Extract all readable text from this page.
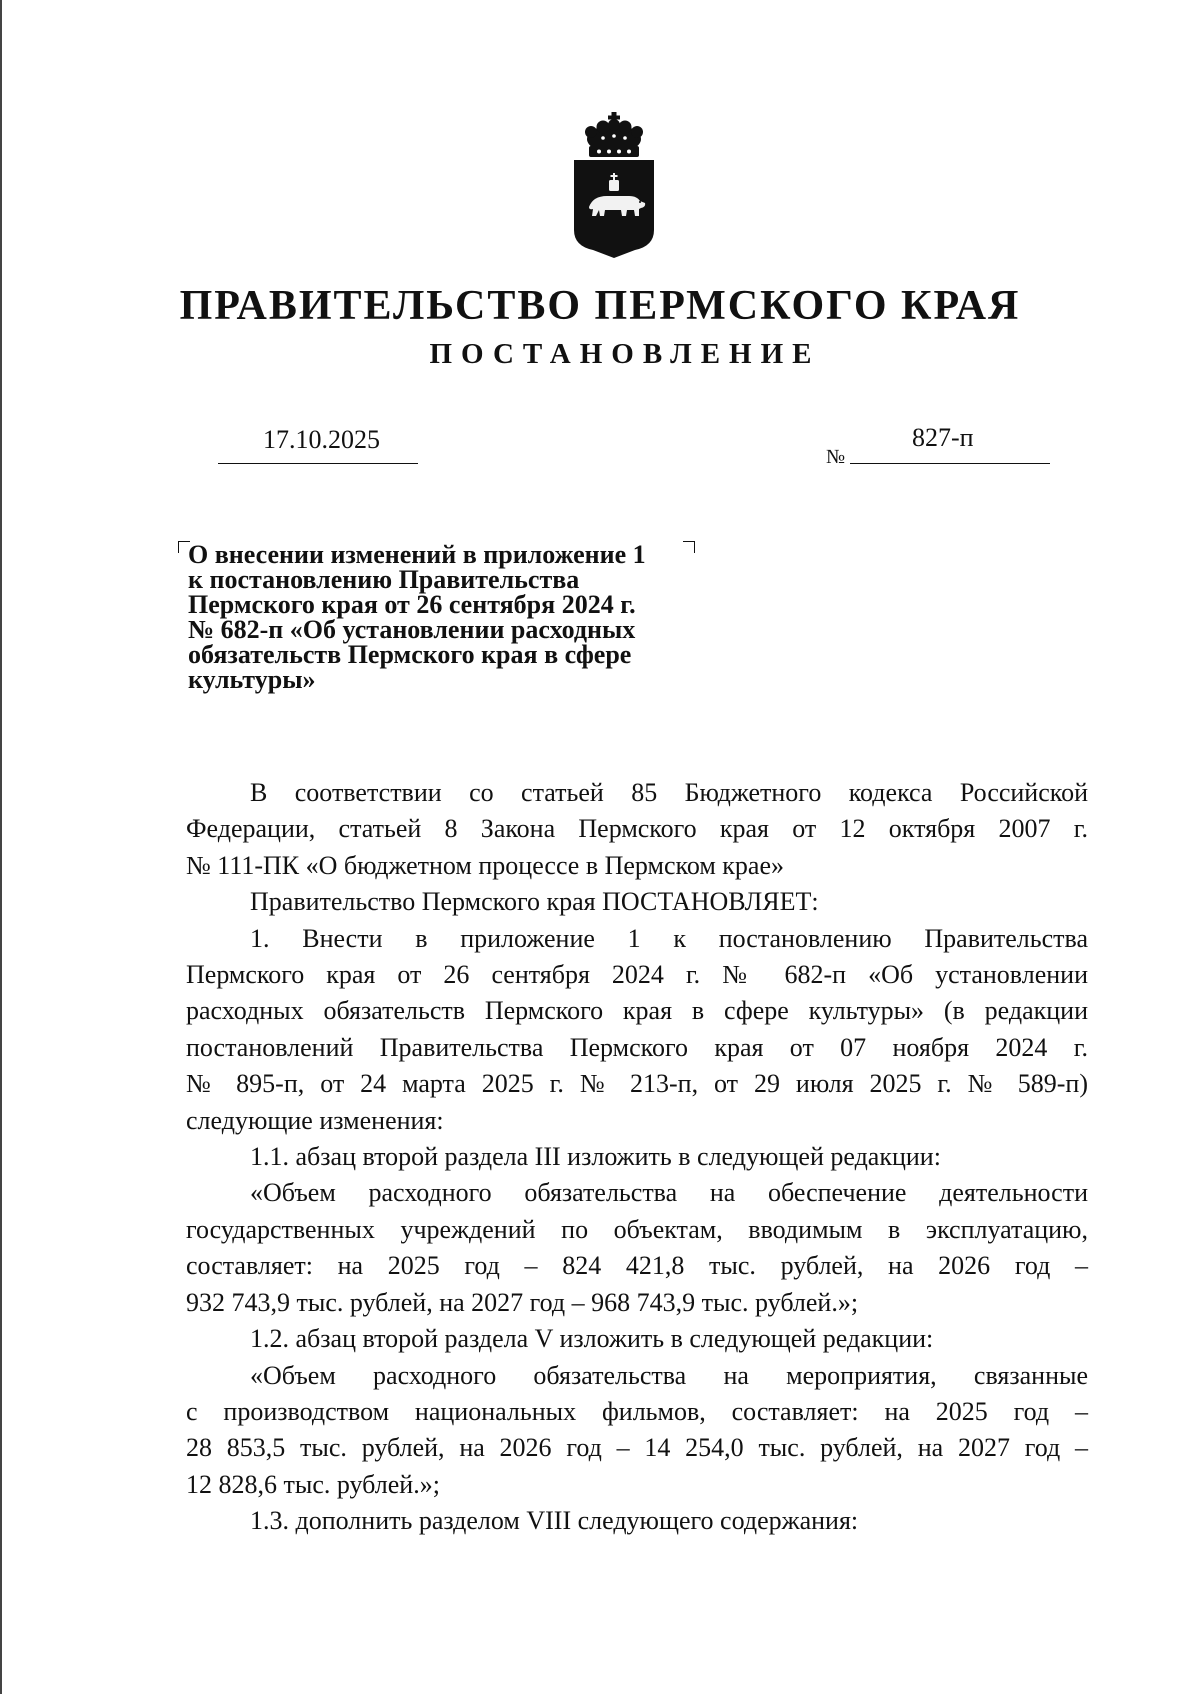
ПРАВИТЕЛЬСТВО ПЕРМСКОГО КРАЯ
ПОСТАНОВЛЕНИЕ
17.10.2025
№
827-п
О внесении изменений в приложение 1
к постановлению Правительства
Пермского края от 26 сентября 2024 г.
№ 682-п «Об установлении расходных
обязательств Пермского края в сфере
культуры»

В соответствии со статьей 85 Бюджетного кодекса Российской
Федерации, статьей 8 Закона Пермского края от 12 октября 2007 г.
№ 111-ПК «О бюджетном процессе в Пермском крае»

Правительство Пермского края ПОСТАНОВЛЯЕТ:

1. Внести в приложение 1 к постановлению Правительства
Пермского края от 26 сентября 2024 г. № 682-п «Об установлении
расходных обязательств Пермского края в сфере культуры» (в редакции
постановлений Правительства Пермского края от 07 ноября 2024 г.
№ 895-п, от 24 марта 2025 г. № 213-п, от 29 июля 2025 г. № 589-п)
следующие изменения:

1.1. абзац второй раздела III изложить в следующей редакции:

«Объем расходного обязательства на обеспечение деятельности
государственных учреждений по объектам, вводимым в эксплуатацию,
составляет: на 2025 год – 824 421,8 тыс. рублей, на 2026 год –
932 743,9 тыс. рублей, на 2027 год – 968 743,9 тыс. рублей.»;

1.2. абзац второй раздела V изложить в следующей редакции:

«Объем расходного обязательства на мероприятия, связанные
с производством национальных фильмов, составляет: на 2025 год –
28 853,5 тыс. рублей, на 2026 год – 14 254,0 тыс. рублей, на 2027 год –
12 828,6 тыс. рублей.»;

1.3. дополнить разделом VIII следующего содержания:
